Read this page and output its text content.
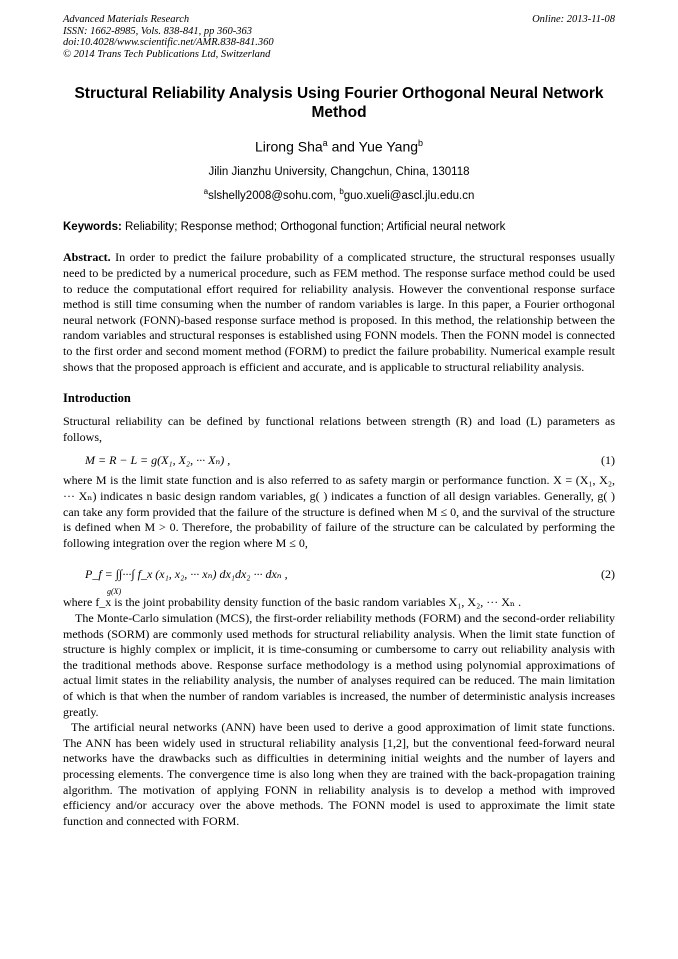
Advanced Materials Research	Online: 2013-11-08
ISSN: 1662-8985, Vols. 838-841, pp 360-363
doi:10.4028/www.scientific.net/AMR.838-841.360
© 2014 Trans Tech Publications Ltd, Switzerland
Structural Reliability Analysis Using Fourier Orthogonal Neural Network
Method
Lirong Sha$^a$ and Yue Yang$^b$
Jilin Jianzhu University, Changchun, China, 130118
$^a$slshelly2008@sohu.com, $^b$guo.xueli@ascl.jlu.edu.cn
Keywords: Reliability; Response method; Orthogonal function; Artificial neural network
Abstract. In order to predict the failure probability of a complicated structure, the structural responses usually need to be predicted by a numerical procedure, such as FEM method. The response surface method could be used to reduce the computational effort required for reliability analysis. However the conventional response surface method is still time consuming when the number of random variables is large. In this paper, a Fourier orthogonal neural network (FONN)-based response surface method is proposed. In this method, the relationship between the random variables and structural responses is established using FONN models. Then the FONN model is connected to the first order and second moment method (FORM) to predict the failure probability. Numerical example result shows that the proposed approach is efficient and accurate, and is applicable to structural reliability analysis.
Introduction
Structural reliability can be defined by functional relations between strength (R) and load (L) parameters as follows,
M = R − L = g(X₁, X₂, ··· Xₙ) ,	(1)
where M is the limit state function and is also referred to as safety margin or performance function. X = (X₁, X₂, ··· Xₙ) indicates n basic design random variables, g( ) indicates a function of all design variables. Generally, g( ) can take any form provided that the failure of the structure is defined when M ≤ 0, and the survival of the structure is defined when M > 0. Therefore, the probability of failure of the structure can be calculated by performing the following integration over the region where M ≤ 0,
P_f = ∫∫···∫ f_x (x₁, x₂, ··· xₙ) dx₁dx₂ ··· dxₙ ,
g(X)
(2)
where f_x is the joint probability density function of the basic random variables X₁, X₂, ··· Xₙ .
The Monte-Carlo simulation (MCS), the first-order reliability methods (FORM) and the second-order reliability methods (SORM) are commonly used methods for structural reliability analysis. When the limit state function of structure is highly complex or implicit, it is time-consuming or cumbersome to carry out reliability analysis with the traditional methods above. Response surface methodology is a method using polynomial approximations of actual limit states in the reliability analysis, the number of analyses required can be reduced. The main limitation of which is that when the number of random variables is increased, the number of deterministic analysis increases greatly.
The artificial neural networks (ANN) have been used to derive a good approximation of limit state functions. The ANN has been widely used in structural reliability analysis [1,2], but the conventional feed-forward neural networks have the drawbacks such as difficulties in determining initial weights and the number of layers and processing elements. The convergence time is also long when they are trained with the back-propagation training algorithm. The motivation of applying FONN in reliability analysis is to develop a method with improved efficiency and/or accuracy over the above methods. The FONN model is used to approximate the limit state function and connected with FORM.
